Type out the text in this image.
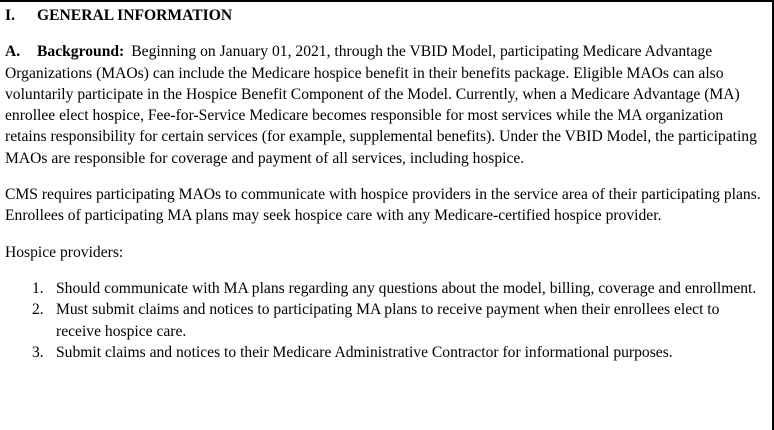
I. GENERAL INFORMATION

A. Background: Beginning on January 01, 2021, through the VBID Model, participating Medicare Advantage Organizations (MAOs) can include the Medicare hospice benefit in their benefits package. Eligible MAOs can also voluntarily participate in the Hospice Benefit Component of the Model. Currently, when a Medicare Advantage (MA) enrollee elect hospice, Fee-for-Service Medicare becomes responsible for most services while the MA organization retains responsibility for certain services (for example, supplemental benefits). Under the VBID Model, the participating MAOs are responsible for coverage and payment of all services, including hospice.

CMS requires participating MAOs to communicate with hospice providers in the service area of their participating plans. Enrollees of participating MA plans may seek hospice care with any Medicare-certified hospice provider.

Hospice providers:

1. Should communicate with MA plans regarding any questions about the model, billing, coverage and enrollment.
2. Must submit claims and notices to participating MA plans to receive payment when their enrollees elect to receive hospice care.
3. Submit claims and notices to their Medicare Administrative Contractor for informational purposes.
